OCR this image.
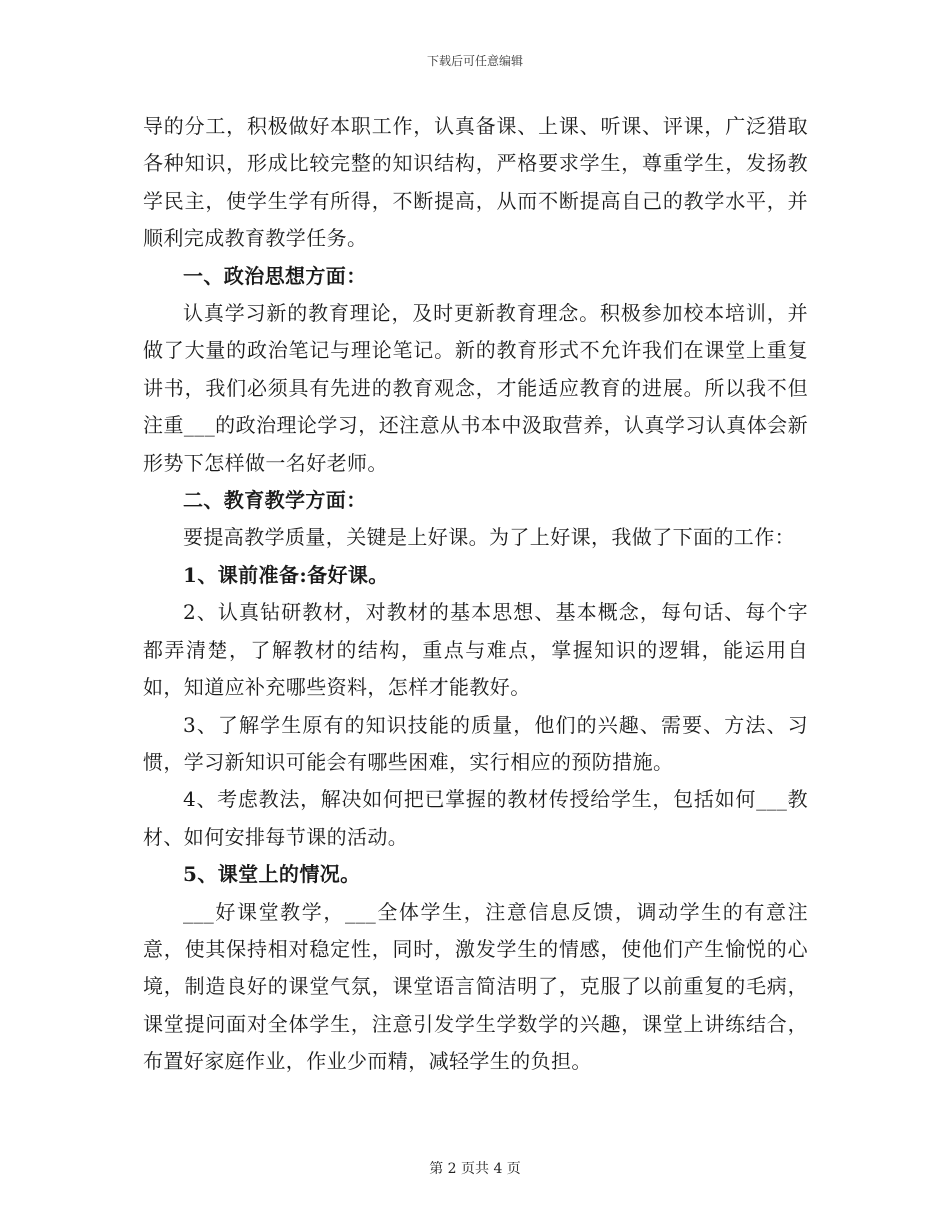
下载后可任意编辑

导的分工，积极做好本职工作，认真备课、上课、听课、评课，广泛猎取各种知识，形成比较完整的知识结构，严格要求学生，尊重学生，发扬教学民主，使学生学有所得，不断提高，从而不断提高自己的教学水平，并顺利完成教育教学任务。

一、政治思想方面：

认真学习新的教育理论，及时更新教育理念。积极参加校本培训，并做了大量的政治笔记与理论笔记。新的教育形式不允许我们在课堂上重复讲书，我们必须具有先进的教育观念，才能适应教育的进展。所以我不但注重___的政治理论学习，还注意从书本中汲取营养，认真学习认真体会新形势下怎样做一名好老师。

二、教育教学方面：

要提高教学质量，关键是上好课。为了上好课，我做了下面的工作：

1、课前准备:备好课。

2、认真钻研教材，对教材的基本思想、基本概念，每句话、每个字都弄清楚，了解教材的结构，重点与难点，掌握知识的逻辑，能运用自如，知道应补充哪些资料，怎样才能教好。

3、了解学生原有的知识技能的质量，他们的兴趣、需要、方法、习惯，学习新知识可能会有哪些困难，实行相应的预防措施。

4、考虑教法，解决如何把已掌握的教材传授给学生，包括如何___教材、如何安排每节课的活动。

5、课堂上的情况。

___好课堂教学，___全体学生，注意信息反馈，调动学生的有意注意，使其保持相对稳定性，同时，激发学生的情感，使他们产生愉悦的心境，制造良好的课堂气氛，课堂语言简洁明了，克服了以前重复的毛病，课堂提问面对全体学生，注意引发学生学数学的兴趣，课堂上讲练结合，布置好家庭作业，作业少而精，减轻学生的负担。

第 2 页共 4 页
